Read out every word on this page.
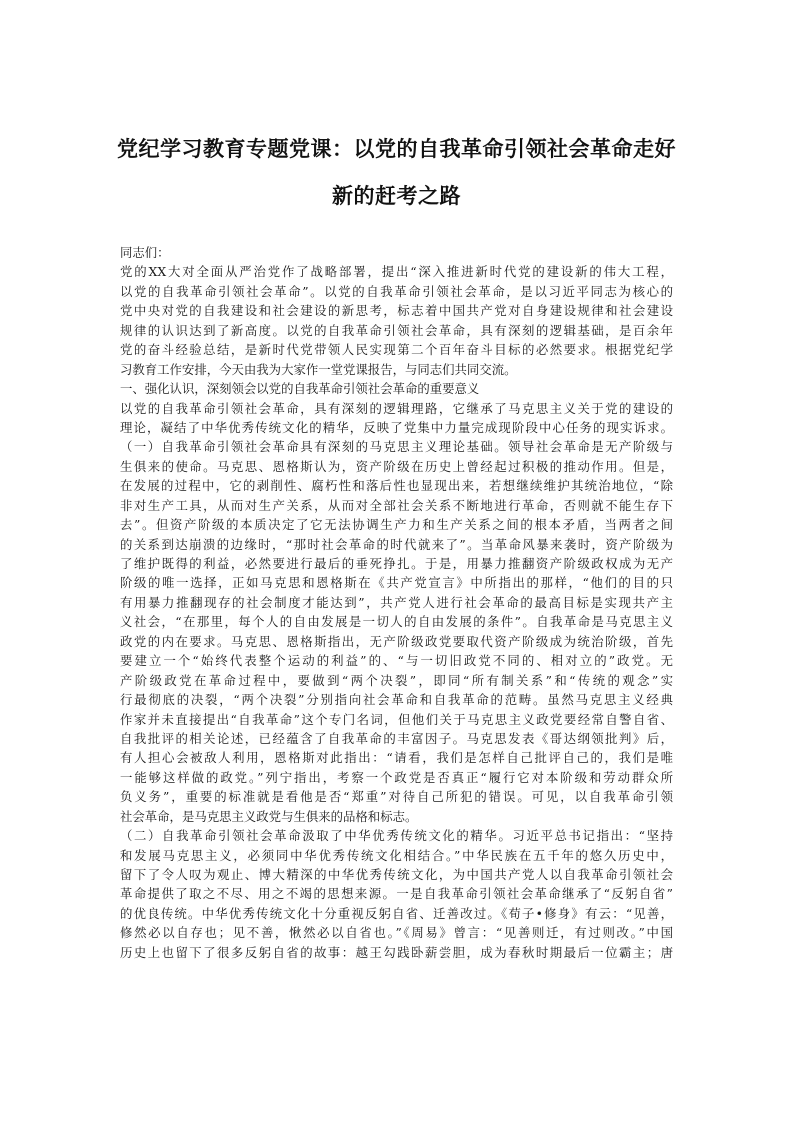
党纪学习教育专题党课：以党的自我革命引领社会革命走好
新的赶考之路
同志们：
党的XX大对全面从严治党作了战略部署，提出“深入推进新时代党的建设新的伟大工程，
以党的自我革命引领社会革命”。以党的自我革命引领社会革命，是以习近平同志为核心的
党中央对党的自我建设和社会建设的新思考，标志着中国共产党对自身建设规律和社会建设
规律的认识达到了新高度。以党的自我革命引领社会革命，具有深刻的逻辑基础，是百余年
党的奋斗经验总结，是新时代党带领人民实现第二个百年奋斗目标的必然要求。根据党纪学
习教育工作安排，今天由我为大家作一堂党课报告，与同志们共同交流。
一、强化认识，深刻领会以党的自我革命引领社会革命的重要意义
以党的自我革命引领社会革命，具有深刻的逻辑理路，它继承了马克思主义关于党的建设的
理论，凝结了中华优秀传统文化的精华，反映了党集中力量完成现阶段中心任务的现实诉求。
（一）自我革命引领社会革命具有深刻的马克思主义理论基础。领导社会革命是无产阶级与
生俱来的使命。马克思、恩格斯认为，资产阶级在历史上曾经起过积极的推动作用。但是，
在发展的过程中，它的剥削性、腐朽性和落后性也显现出来，若想继续维护其统治地位，“除
非对生产工具，从而对生产关系，从而对全部社会关系不断地进行革命，否则就不能生存下
去”。但资产阶级的本质决定了它无法协调生产力和生产关系之间的根本矛盾，当两者之间
的关系到达崩溃的边缘时，“那时社会革命的时代就来了”。当革命风暴来袭时，资产阶级为
了维护既得的利益，必然要进行最后的垂死挣扎。于是，用暴力推翻资产阶级政权成为无产
阶级的唯一选择，正如马克思和恩格斯在《共产党宣言》中所指出的那样，“他们的目的只
有用暴力推翻现存的社会制度才能达到”，共产党人进行社会革命的最高目标是实现共产主
义社会，“在那里，每个人的自由发展是一切人的自由发展的条件”。自我革命是马克思主义
政党的内在要求。马克思、恩格斯指出，无产阶级政党要取代资产阶级成为统治阶级，首先
要建立一个“始终代表整个运动的利益”的、“与一切旧政党不同的、相对立的”政党。无
产阶级政党在革命过程中，要做到“两个决裂”，即同“所有制关系”和“传统的观念”实
行最彻底的决裂，“两个决裂”分别指向社会革命和自我革命的范畴。虽然马克思主义经典
作家并未直接提出“自我革命”这个专门名词，但他们关于马克思主义政党要经常自警自省、
自我批评的相关论述，已经蕴含了自我革命的丰富因子。马克思发表《哥达纲领批判》后，
有人担心会被敌人利用，恩格斯对此指出：“请看，我们是怎样自己批评自己的，我们是唯
一能够这样做的政党。”列宁指出，考察一个政党是否真正“履行它对本阶级和劳动群众所
负义务”，重要的标准就是看他是否“郑重”对待自己所犯的错误。可见，以自我革命引领
社会革命，是马克思主义政党与生俱来的品格和标志。
（二）自我革命引领社会革命汲取了中华优秀传统文化的精华。习近平总书记指出：“坚持
和发展马克思主义，必须同中华优秀传统文化相结合。”中华民族在五千年的悠久历史中，
留下了令人叹为观止、博大精深的中华优秀传统文化，为中国共产党人以自我革命引领社会
革命提供了取之不尽、用之不竭的思想来源。一是自我革命引领社会革命继承了“反躬自省”
的优良传统。中华优秀传统文化十分重视反躬自省、迁善改过。《荀子•修身》有云：“见善，
修然必以自存也；见不善，愀然必以自省也。”《周易》曾言：“见善则迁，有过则改。”中国
历史上也留下了很多反躬自省的故事：越王勾践卧薪尝胆，成为春秋时期最后一位霸主；唐
